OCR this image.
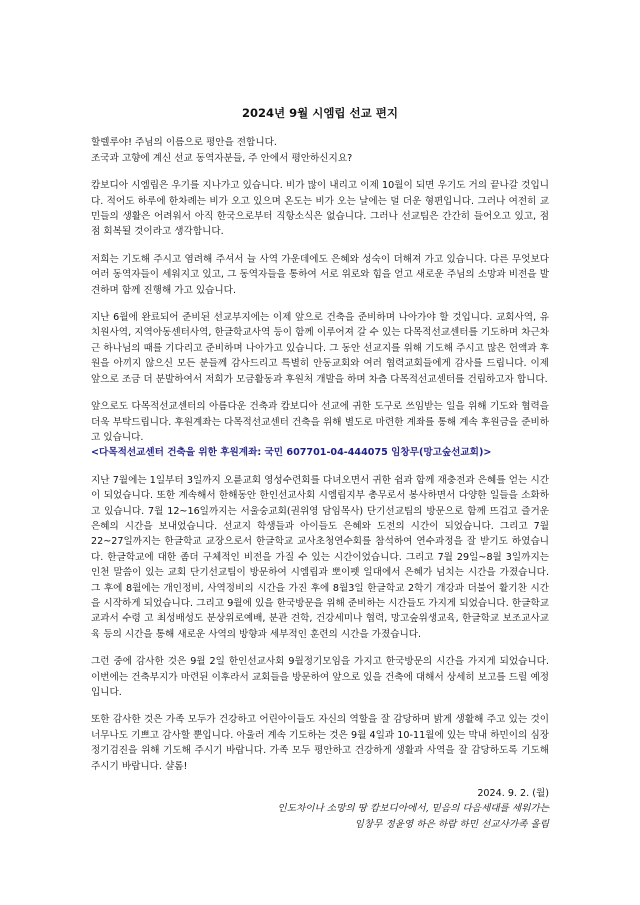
2024년 9월 시엠립 선교 편지
할렐루야! 주님의 이름으로 평안을 전합니다.
조국과 고향에 계신 선교 동역자분들, 주 안에서 평안하신지요?
캄보디아 시엠립은 우기를 지나가고 있습니다. 비가 많이 내리고 이제 10월이 되면 우기도 거의 끝나갈 것입니다. 적어도 하루에 한차례는 비가 오고 있으며 온도는 비가 오는 날에는 덜 더운 형편입니다. 그러나 여전히 교민들의 생활은 어려워서 아직 한국으로부터 직항소식은 없습니다. 그러나 선교팀은 간간히 들어오고 있고, 점점 회복될 것이라고 생각합니다.
저희는 기도해 주시고 염려해 주셔서 늘 사역 가운데에도 은혜와 성숙이 더해져 가고 있습니다. 다른 무엇보다 여러 동역자들이 세워지고 있고, 그 동역자들을 통하여 서로 위로와 힘을 얻고 새로운 주님의 소망과 비전을 발견하며 함께 진행해 가고 있습니다.
지난 6월에 완료되어 준비된 선교부지에는 이제 앞으로 건축을 준비하며 나아가야 할 것입니다. 교회사역, 유치원사역, 지역아동센터사역, 한글학교사역 등이 함께 이루어져 갈 수 있는 다목적선교센터를 기도하며 차근차근 하나님의 때를 기다리고 준비하며 나아가고 있습니다. 그 동안 선교지를 위해 기도해 주시고 많은 헌액과 후원을 아끼지 않으신 모든 분들께 감사드리고 특별히 안동교회와 여러 협력교회들에게 감사를 드립니다. 이제 앞으로 조금 더 분발하여서 저희가 모금활동과 후원처 개발을 하며 차츰 다목적선교센터를 건립하고자 합니다.
앞으로도 다목적선교센터의 아름다운 건축과 캄보디아 선교에 귀한 도구로 쓰임받는 일을 위해 기도와 협력을 더욱 부탁드립니다. 후원계좌는 다목적선교센터 건축을 위해 별도로 마련한 계좌를 통해 계속 후원금을 준비하고 있습니다.
<다목적선교센터 건축을 위한 후원계좌: 국민 607701-04-444075 임창무(망고숲선교회)>
지난 7월에는 1일부터 3일까지 오륜교회 영성수련회를 다녀오면서 귀한 쉼과 함께 재충전과 은혜를 얻는 시간이 되었습니다. 또한 계속해서 한해동안 한인선교사회 시엠립지부 총무로서 봉사하면서 다양한 일들을 소화하고 있습니다. 7월 12~16일까지는 서울숭교회(권위영 담임목사) 단기선교팀의 방문으로 함께 뜨겁고 즐거운 은혜의 시간을 보내었습니다. 선교지 학생들과 아이들도 은혜와 도전의 시간이 되었습니다. 그리고 7월 22~27일까지는 한글학교 교장으로서 한글학교 교사초청연수회를 참석하여 연수과정을 잘 받기도 하였습니다. 한글학교에 대한 좀더 구체적인 비전을 가질 수 있는 시간이었습니다. 그리고 7월 29일~8월 3일까지는 인천 말씀이 있는 교회 단기선교팀이 방문하여 시엠립과 뽀이펫 일대에서 은혜가 넘치는 시간을 가졌습니다. 그 후에 8월에는 개인정비, 사역정비의 시간을 가진 후에 8월3일 한글학교 2학기 개강과 더불어 활기찬 시간을 시작하게 되었습니다. 그리고 9월에 있을 한국방문을 위해 준비하는 시간들도 가지게 되었습니다. 한글학교 교과서 수령 고 최성배성도 분상위로예배, 분관 견학, 건강세미나 협력, 망고숲위생교육, 한글학교 보조교사교육 등의 시간을 통해 새로운 사역의 방향과 세부적인 훈련의 시간을 가졌습니다.
그런 중에 감사한 것은 9월 2일 한인선교사회 9월정기모임을 가지고 한국방문의 시간을 가지게 되었습니다. 이번에는 건축부지가 마련된 이후라서 교회들을 방문하여 앞으로 있을 건축에 대해서 상세히 보고를 드릴 예정입니다.
또한 감사한 것은 가족 모두가 건강하고 어린아이들도 자신의 역할을 잘 감당하며 밝게 생활해 주고 있는 것이 너무나도 기쁘고 감사할 뿐입니다. 아울러 계속 기도하는 것은 9월 4일과 10-11월에 있는 막내 하민이의 심장 정기검진을 위해 기도해 주시기 바랍니다. 가족 모두 평안하고 건강하게 생활과 사역을 잘 감당하도록 기도해 주시기 바랍니다. 샬롬!
2024. 9. 2. (월)
인도차이나 소망의 땅 캄보디아에서, 믿음의 다음세대를 세워가는
임창무 정윤영 하은 하람 하민 선교사가족 올림
